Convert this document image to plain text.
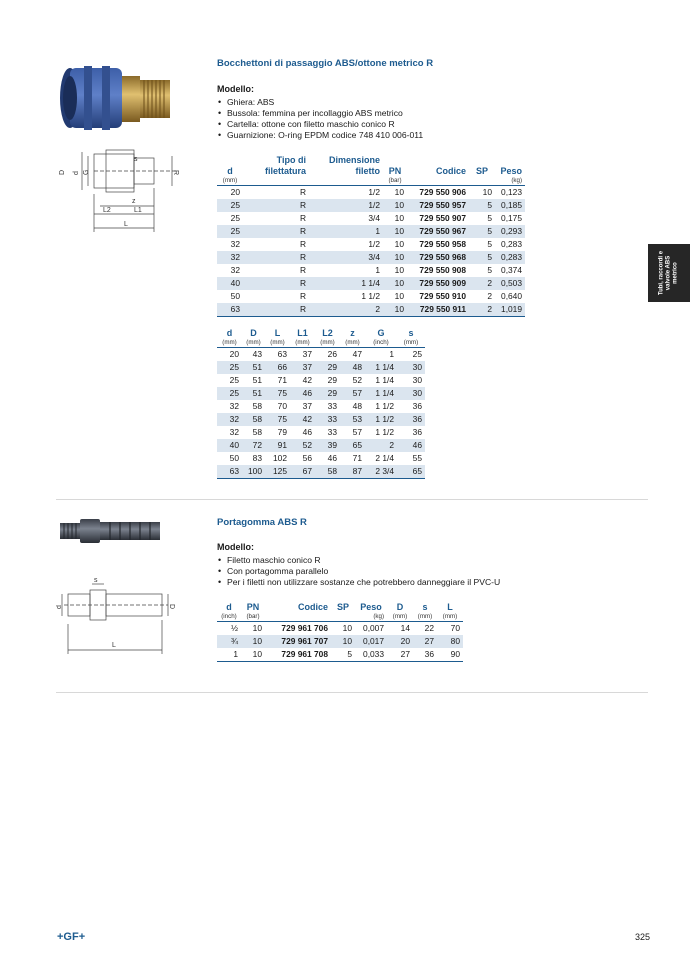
D d G
s
R
z
L2	L1
L
Bocchettoni di passaggio ABS/ottone metrico R
Modello:
• Ghiera: ABS
• Bussola: femmina per incollaggio ABS metrico
• Cartella: ottone con filetto maschio conico R
• Guarnizione: O-ring EPDM codice 748 410 006-011
d	Tipo di filettatura	Dimensione filetto	PN	Codice	SP	Peso
(mm)			(bar)			(kg)
20	R	1/2	10	729 550 906	10	0,123
25	R	1/2	10	729 550 957	5	0,185
25	R	3/4	10	729 550 907	5	0,175
25	R	1	10	729 550 967	5	0,293
32	R	1/2	10	729 550 958	5	0,283
32	R	3/4	10	729 550 968	5	0,283
32	R	1	10	729 550 908	5	0,374
40	R	1 1/4	10	729 550 909	2	0,503
50	R	1 1/2	10	729 550 910	2	0,640
63	R	2	10	729 550 911	2	1,019
d	D	L	L1	L2	z	G	s
(mm)	(mm)	(mm)	(mm)	(mm)	(mm)	(inch)	(mm)
20	43	63	37	26	47	1	25
25	51	66	37	29	48	1 1/4	30
25	51	71	42	29	52	1 1/4	30
25	51	75	46	29	57	1 1/4	30
32	58	70	37	33	48	1 1/2	36
32	58	75	42	33	53	1 1/2	36
32	58	79	46	33	57	1 1/2	36
40	72	91	52	39	65	2	46
50	83	102	56	46	71	2 1/4	55
63	100	125	67	58	87	2 3/4	65
s
d	D
L
Portagomma ABS R
Modello:
• Filetto maschio conico R
• Con portagomma parallelo
• Per i filetti non utilizzare sostanze che potrebbero danneggiare il PVC-U
d	PN	Codice	SP	Peso	D	s	L
(inch)	(bar)			(kg)	(mm)	(mm)	(mm)
½	10	729 961 706	10	0,007	14	22	70
¾	10	729 961 707	10	0,017	20	27	80
1	10	729 961 708	5	0,033	27	36	90
Tubi, raccordi e valvole ABS metrico
+GF+	325
